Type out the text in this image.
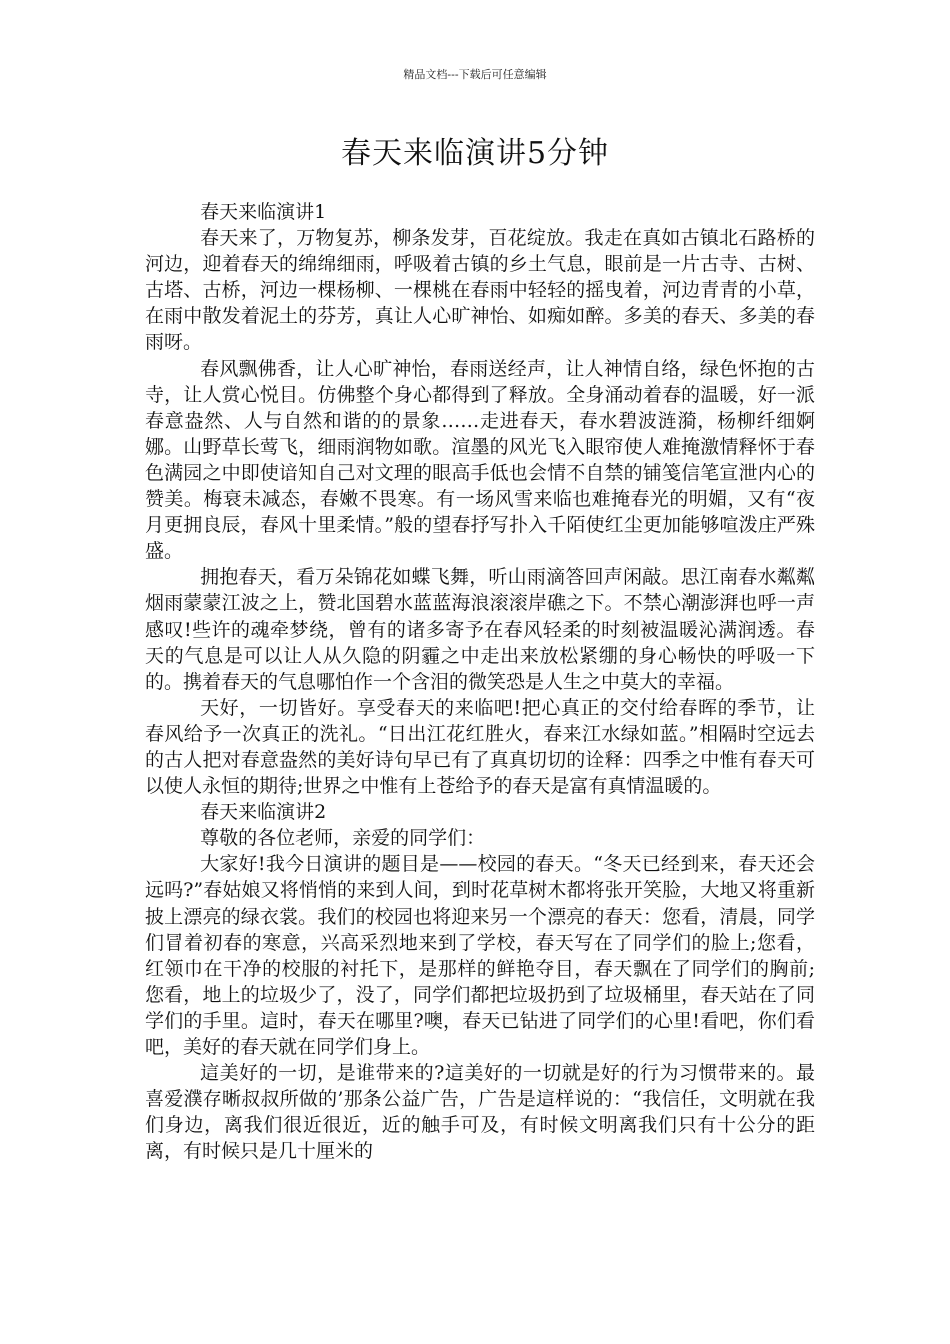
精品文档---下载后可任意编辑
春天来临演讲5分钟

春天来临演讲1

春天来了，万物复苏，柳条发芽，百花绽放。我走在真如古镇北石路桥的河边，迎着春天的绵绵细雨，呼吸着古镇的乡土气息，眼前是一片古寺、古树、古塔、古桥，河边一棵杨柳、一棵桃在春雨中轻轻的摇曳着，河边青青的小草，在雨中散发着泥土的芬芳，真让人心旷神怡、如痴如醉。多美的春天、多美的春雨呀。

春风飘佛香，让人心旷神怡，春雨送经声，让人神情自络，绿色怀抱的古寺，让人赏心悦目。仿佛整个身心都得到了释放。全身涌动着春的温暖，好一派春意盎然、人与自然和谐的的景象……走进春天，春水碧波涟漪，杨柳纤细婀娜。山野草长莺飞，细雨润物如歌。渲墨的风光飞入眼帘使人难掩激情释怀于春色满园之中即使谙知自己对文理的眼高手低也会情不自禁的铺笺信笔宣泄内心的赞美。梅衰未减态，春嫩不畏寒。有一场风雪来临也难掩春光的明媚，又有“夜月更拥良辰，春风十里柔情。”般的望春抒写扑入千陌使红尘更加能够喧泼庄严殊盛。

拥抱春天，看万朵锦花如蝶飞舞，听山雨滴答回声闲敲。思江南春水粼粼烟雨蒙蒙江波之上，赞北国碧水蓝蓝海浪滚滚岸礁之下。不禁心潮澎湃也呼一声感叹!些许的魂牵梦绕，曾有的诸多寄予在春风轻柔的时刻被温暖沁满润透。春天的气息是可以让人从久隐的阴霾之中走出来放松紧绷的身心畅快的呼吸一下的。携着春天的气息哪怕作一个含泪的微笑恐是人生之中莫大的幸福。

天好，一切皆好。享受春天的来临吧!把心真正的交付给春晖的季节，让春风给予一次真正的洗礼。“日出江花红胜火，春来江水绿如蓝。”相隔时空远去的古人把对春意盎然的美好诗句早已有了真真切切的诠释：四季之中惟有春天可以使人永恒的期待;世界之中惟有上苍给予的春天是富有真情温暖的。

春天来临演讲2

尊敬的各位老师，亲爱的同学们：

大家好!我今日演讲的题目是——校园的春天。“冬天已经到来，春天还会远吗?”春姑娘又将悄悄的来到人间，到时花草树木都将张开笑脸，大地又将重新披上漂亮的绿衣裳。我们的校园也将迎来另一个漂亮的春天：您看，清晨，同学们冒着初春的寒意，兴高采烈地来到了学校，春天写在了同学们的脸上;您看，红领巾在干净的校服的衬托下，是那样的鲜艳夺目，春天飘在了同学们的胸前;您看，地上的垃圾少了，没了，同学们都把垃圾扔到了垃圾桶里，春天站在了同学们的手里。這时，春天在哪里?噢，春天已钻进了同学们的心里!看吧，你们看吧，美好的春天就在同学们身上。

這美好的一切，是谁带来的?這美好的一切就是好的行为习惯带来的。最喜爱濮存晰叔叔所做的’那条公益广告，广告是這样说的：“我信任，文明就在我们身边，离我们很近很近，近的触手可及，有时候文明离我们只有十公分的距离，有时候只是几十厘米的
